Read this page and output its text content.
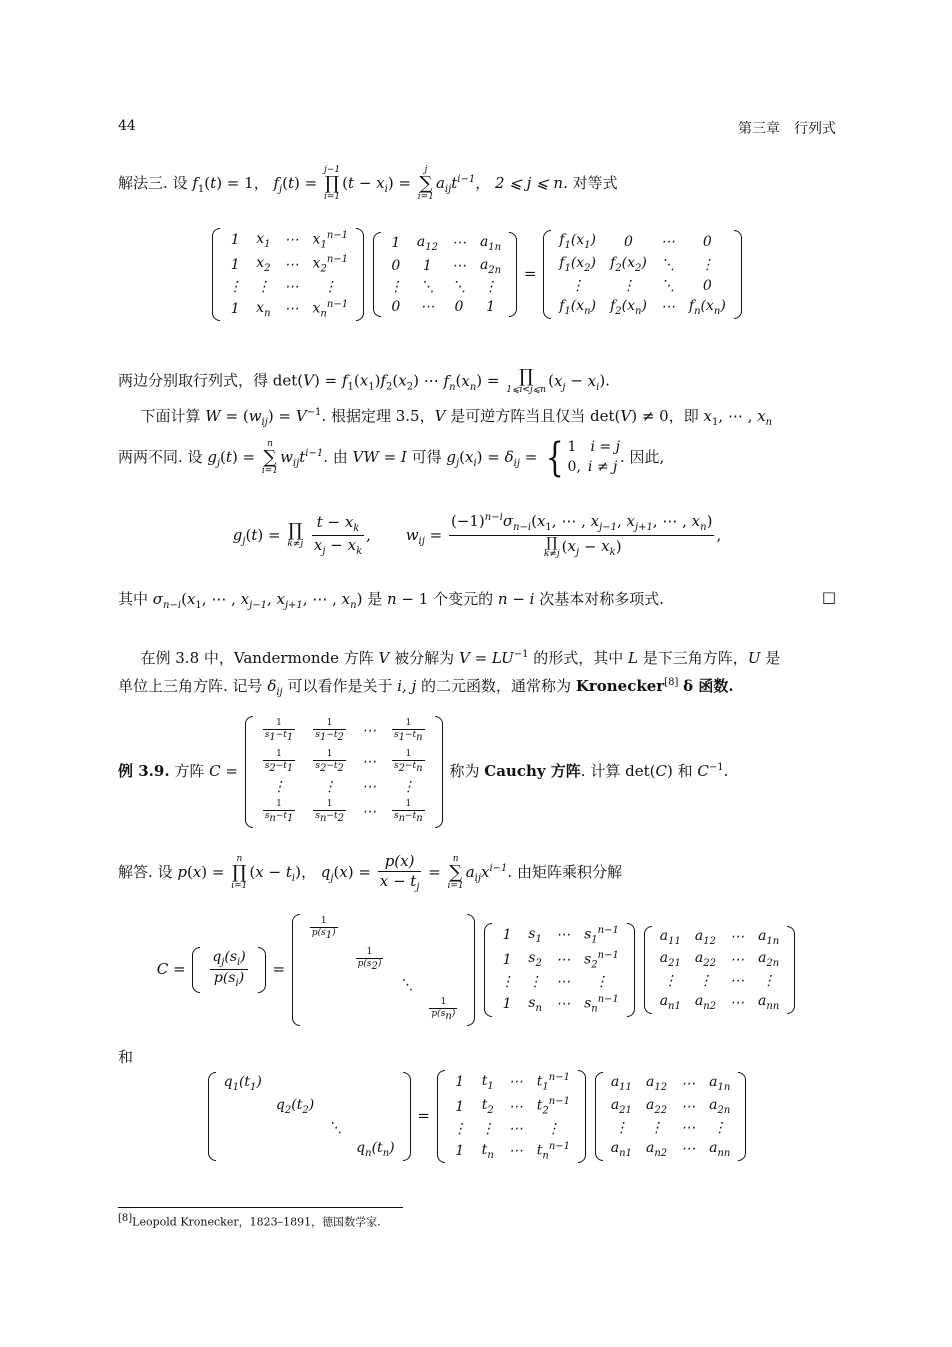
44	第三章　行列式
解法三. 设 $f_1(t) = 1$， $f_j(t)$ =
j−1
∏
i=1
$(t - x_i)$ =
j
∑
i=1
$a_{ij}t^{i-1}$， 2 ⩽ j ⩽ n. 对等式
1	$x_1$	⋯	$x_1^{n-1}$
1	$x_2$	⋯	$x_2^{n-1}$
⋮	⋮	⋯	⋮
1	$x_n$	⋯	$x_n^{n-1}$

1	$a_{12}$	⋯	$a_{1n}$
0	1	⋯	$a_{2n}$
⋮	⋱	⋱	⋮
0	⋯	0	1
=
$f_1(x_1)$	0	⋯	0
$f_1(x_2)$	$f_2(x_2)$	⋱	⋮
⋮	⋮	⋱	0
$f_1(x_n)$	$f_2(x_n)$	⋯	$f_n(x_n)$
两边分别取行列式，得 $\det(V) = f_1(x_1)f_2(x_2)$ ⋯ $f_n(x_n)$ = ∏
1⩽i<j⩽n
$(x_j - x_i)$.
  下面计算 $W = (w_{ij}) = V^{-1}$. 根据定理 3.5，V 是可逆方阵当且仅当 det(V) ≠ 0，即 $x_1$, ⋯ , $x_n$
两两不同. 设 $g_j(t)$ =
n
∑
i=1
$w_{ij}t^{i-1}$. 由 VW = I 可得 $g_j(x_i) = \delta_{ij}$ = { 1  i = j
0,  i ≠ j. 因此,
$g_j(t)$ = ∏
k≠j
$\frac{t - x_k}{x_j - x_k}$ ,   $w_{ij} = (-1)^{n-i}\sigma_{n-i}(x_1$, ⋯ , $x_{j-1}$, $x_{j+1}$, ⋯ , $x_n$)
∏
k≠j $(x_j - x_k)$ ,
其中 $\sigma_{n-i}(x_1$, ⋯ , $x_{j-1}$, $x_{j+1}$, ⋯ , $x_n$) 是 n − 1 个变元的 n − i 次基本对称多项式.	□
  在例 3.8 中，Vandermonde 方阵 V 被分解为 $V = LU^{-1}$ 的形式，其中 L 是下三角方阵，U 是
单位上三角方阵. 记号 $\delta_{ij}$ 可以看作是关于 i, j 的二元函数，通常称为 Kronecker[8] δ 函数.
例 3.9. 方阵 C =
$\frac{1}{s_1-t_1}$	$\frac{1}{s_1-t_2}$	⋯	$\frac{1}{s_1-t_n}$

$\frac{1}{s_2-t_1}$	$\frac{1}{s_2-t_2}$	⋯	$\frac{1}{s_2-t_n}$

⋮	⋮	⋯	⋮

$\frac{1}{s_n-t_1}$	$\frac{1}{s_n-t_2}$	⋯	$\frac{1}{s_n-t_n}$
称为 Cauchy 方阵. 计算 det(C) 和 $C^{-1}$.
解答. 设 p(x) =
n
∏
i=1
$(x - t_i)$， $q_j(x) = \frac{p(x)}{x - t_j}$ =
n
∑
i=1
$a_{ij}x^{i-1}$. 由矩阵乘积分解
$C = \frac{q_j(s_i)}{p(s_i)}$ =
$\frac{1}{p(s_1)}$

	$\frac{1}{p(s_2)}$

		⋱	

			$\frac{1}{p(s_n)}$

1	$s_1$	⋯	$s_1^{n-1}$
1	$s_2$	⋯	$s_2^{n-1}$
⋮	⋮	⋯	⋮
1	$s_n$	⋯	$s_n^{n-1}$

$a_{11}$	$a_{12}$	⋯	$a_{1n}$
$a_{21}$	$a_{22}$	⋯	$a_{2n}$
⋮	⋮	⋯	⋮
$a_{n1}$	$a_{n2}$	⋯	$a_{nn}$
和
$q_1(t_1)$			
	$q_2(t_2)$		
		⋱	
			$q_n(t_n)$
=
1	$t_1$	⋯	$t_1^{n-1}$
1	$t_2$	⋯	$t_2^{n-1}$
⋮	⋮	⋯	⋮
1	$t_n$	⋯	$t_n^{n-1}$

$a_{11}$	$a_{12}$	⋯	$a_{1n}$
$a_{21}$	$a_{22}$	⋯	$a_{2n}$
⋮	⋮	⋯	⋮
$a_{n1}$	$a_{n2}$	⋯	$a_{nn}$
[8]Leopold Kronecker，1823–1891，德国数学家.
